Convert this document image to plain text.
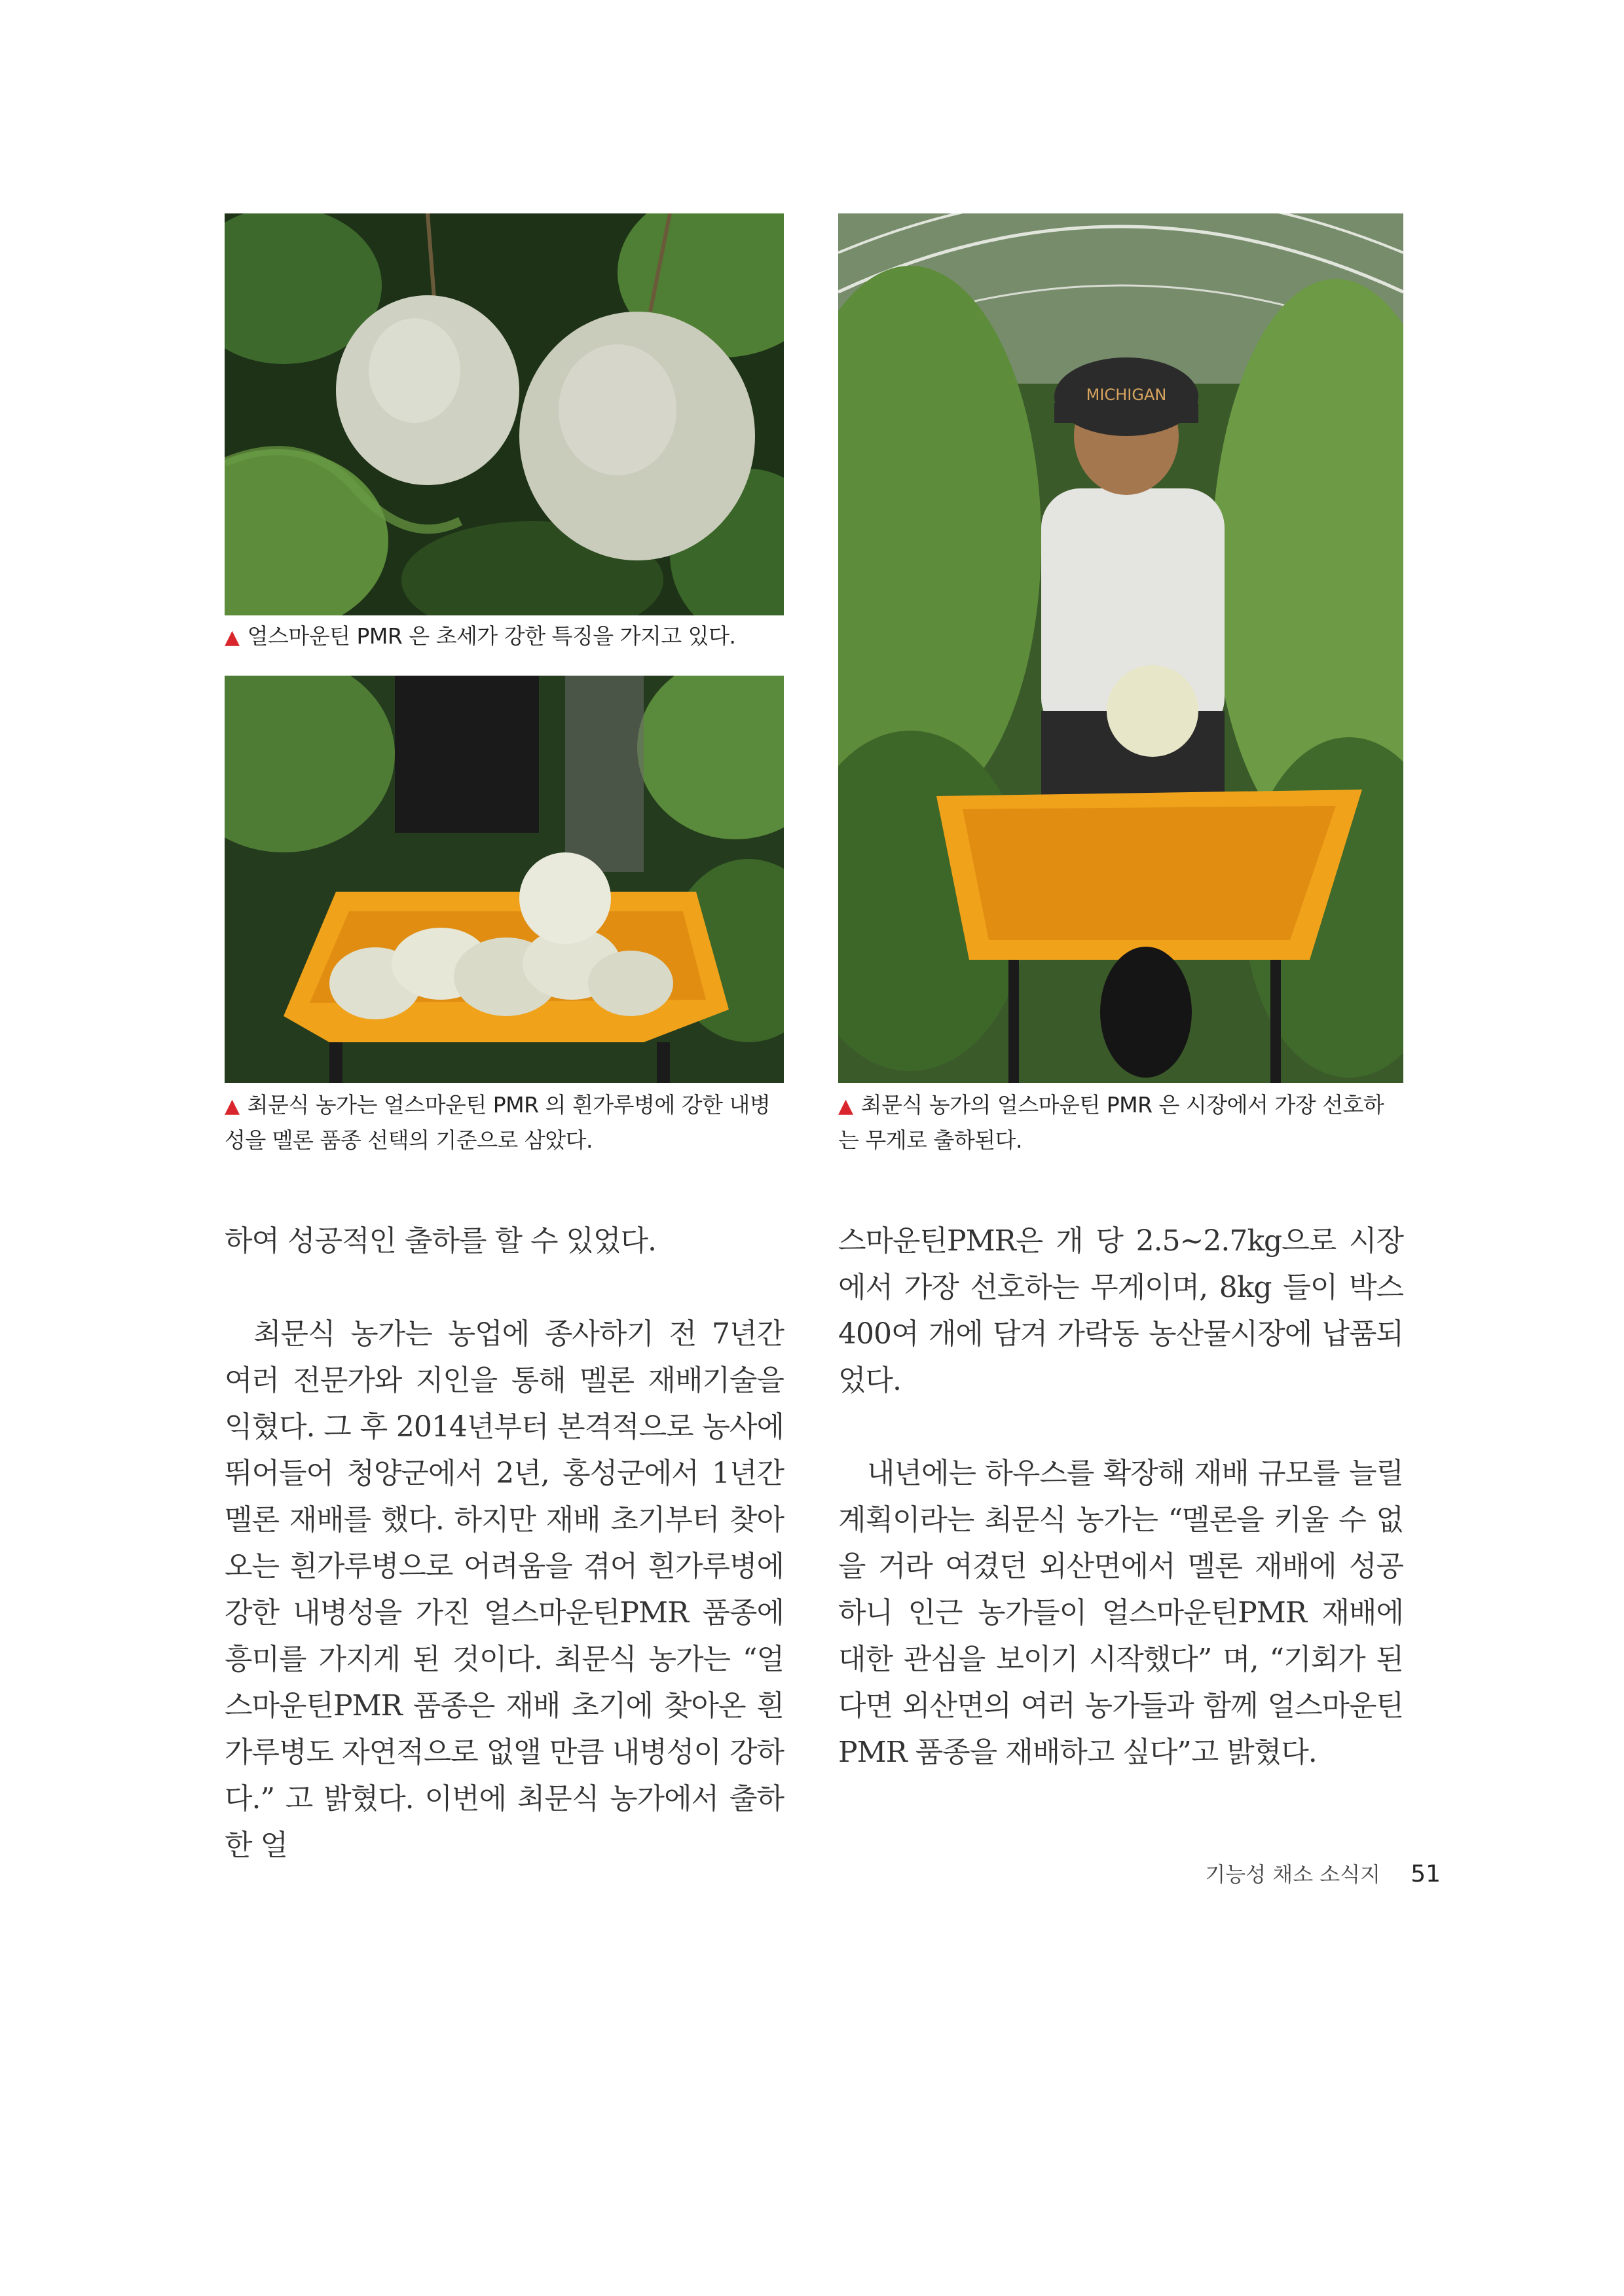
▲ 얼스마운틴 PMR 은 초세가 강한 특징을 가지고 있다.
▲ 최문식 농가는 얼스마운틴 PMR 의 흰가루병에 강한 내병성을 멜론 품종 선택의 기준으로 삼았다.
MICHIGAN
▲ 최문식 농가의 얼스마운틴 PMR 은 시장에서 가장 선호하는 무게로 출하된다.

하여 성공적인 출하를 할 수 있었다.

최문식 농가는 농업에 종사하기 전 7년간 여러 전문가와 지인을 통해 멜론 재배기술을 익혔다. 그 후 2014년부터 본격적으로 농사에 뛰어들어 청양군에서 2년, 홍성군에서 1년간 멜론 재배를 했다. 하지만 재배 초기부터 찾아오는 흰가루병으로 어려움을 겪어 흰가루병에 강한 내병성을 가진 얼스마운틴PMR 품종에 흥미를 가지게 된 것이다. 최문식 농가는 “얼스마운틴PMR 품종은 재배 초기에 찾아온 흰가루병도 자연적으로 없앨 만큼 내병성이 강하다.” 고 밝혔다. 이번에 최문식 농가에서 출하한 얼

스마운틴PMR은 개 당 2.5~2.7kg으로 시장에서 가장 선호하는 무게이며, 8kg 들이 박스 400여 개에 담겨 가락동 농산물시장에 납품되었다.

내년에는 하우스를 확장해 재배 규모를 늘릴 계획이라는 최문식 농가는 “멜론을 키울 수 없을 거라 여겼던 외산면에서 멜론 재배에 성공하니 인근 농가들이 얼스마운틴PMR 재배에 대한 관심을 보이기 시작했다” 며, “기회가 된다면 외산면의 여러 농가들과 함께 얼스마운틴PMR 품종을 재배하고 싶다”고 밝혔다.

기능성 채소 소식지 51
